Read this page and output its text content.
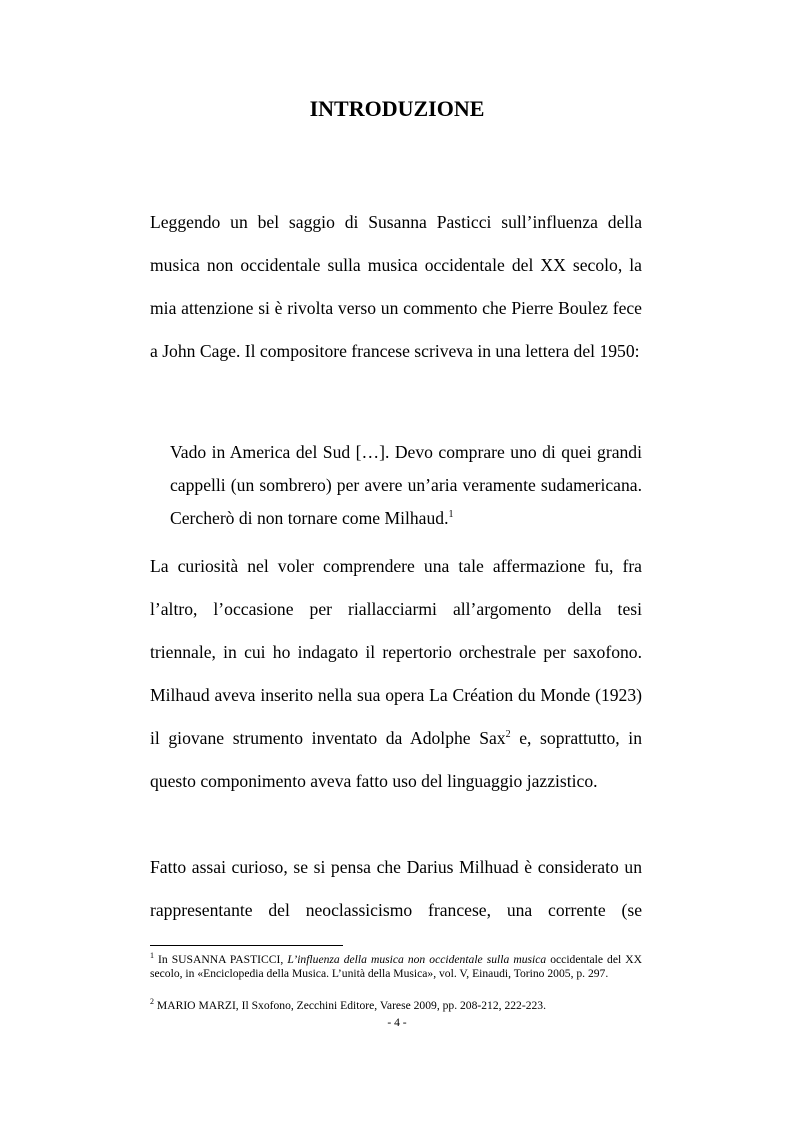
INTRODUZIONE

Leggendo un bel saggio di Susanna Pasticci sull’influenza della musica non occidentale sulla musica occidentale del XX secolo, la mia attenzione si è rivolta verso un commento che Pierre Boulez fece a John Cage. Il compositore francese scriveva in una lettera del 1950:

Vado in America del Sud […]. Devo comprare uno di quei grandi cappelli (un sombrero) per avere un’aria veramente sudamericana. Cercherò di non tornare come Milhaud.$^1$

La curiosità nel voler comprendere una tale affermazione fu, fra l’altro, l’occasione per riallacciarmi all’argomento della tesi triennale, in cui ho indagato il repertorio orchestrale per saxofono. Milhaud aveva inserito nella sua opera La Création du Monde (1923) il giovane strumento inventato da Adolphe Sax$^2$ e, soprattutto, in questo componimento aveva fatto uso del linguaggio jazzistico.

Fatto assai curioso, se si pensa che Darius Milhuad è considerato un rappresentante del neoclassicismo francese, una corrente (se

$^1$ In SUSANNA PASTICCI, L’influenza della musica non occidentale sulla musica occidentale del XX secolo, in «Enciclopedia della Musica. L’unità della Musica», vol. V, Einaudi, Torino 2005, p. 297.

$^2$ MARIO MARZI, Il Sxofono, Zecchini Editore, Varese 2009, pp. 208-212, 222-223.

- 4 -
